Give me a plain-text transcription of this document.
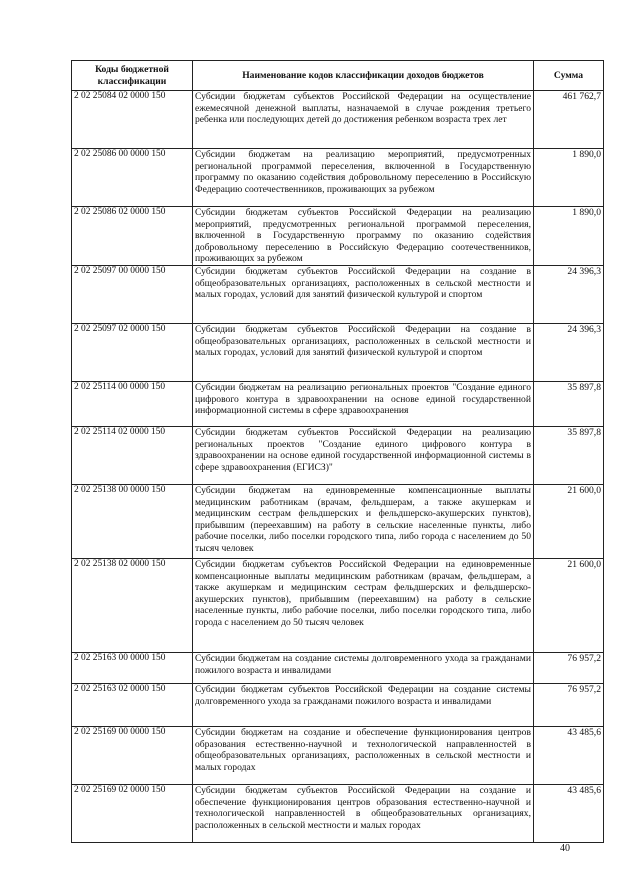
Коды бюджетной классификации	Наименование кодов классификации доходов бюджетов	Сумма
2 02 25084 02 0000 150	Субсидии бюджетам субъектов Российской Федерации на осуществление ежемесячной денежной выплаты, назначаемой в случае рождения третьего ребенка или последующих детей до достижения ребенком возраста трех лет	461 762,7
2 02 25086 00 0000 150	Субсидии бюджетам на реализацию мероприятий, предусмотренных региональной программой переселения, включенной в Государственную программу по оказанию содействия добровольному переселению в Российскую Федерацию соотечественников, проживающих за рубежом	1 890,0
2 02 25086 02 0000 150	Субсидии бюджетам субъектов Российской Федерации на реализацию мероприятий, предусмотренных региональной программой переселения, включенной в Государственную программу по оказанию содействия добровольному переселению в Российскую Федерацию соотечественников, проживающих за рубежом	1 890,0
2 02 25097 00 0000 150	Субсидии бюджетам субъектов Российской Федерации на создание в общеобразовательных организациях, расположенных в сельской местности и малых городах, условий для занятий физической культурой и спортом	24 396,3
2 02 25097 02 0000 150	Субсидии бюджетам субъектов Российской Федерации на создание в общеобразовательных организациях, расположенных в сельской местности и малых городах, условий для занятий физической культурой и спортом	24 396,3
2 02 25114 00 0000 150	Субсидии бюджетам на реализацию региональных проектов "Создание единого цифрового контура в здравоохранении на основе единой государственной информационной системы в сфере здравоохранения	35 897,8
2 02 25114 02 0000 150	Субсидии бюджетам субъектов Российской Федерации на реализацию региональных проектов "Создание единого цифрового контура в здравоохранении на основе единой государственной информационной системы в сфере здравоохранения (ЕГИСЗ)"	35 897,8
2 02 25138 00 0000 150	Субсидии бюджетам на единовременные компенсационные выплаты медицинским работникам (врачам, фельдшерам, а также акушеркам и медицинским сестрам фельдшерских и фельдшерско-акушерских пунктов), прибывшим (переехавшим) на работу в сельские населенные пункты, либо рабочие поселки, либо поселки городского типа, либо города с населением до 50 тысяч человек	21 600,0
2 02 25138 02 0000 150	Субсидии бюджетам субъектов Российской Федерации на единовременные компенсационные выплаты медицинским работникам (врачам, фельдшерам, а также акушеркам и медицинским сестрам фельдшерских и фельдшерско-акушерских пунктов), прибывшим (переехавшим) на работу в сельские населенные пункты, либо рабочие поселки, либо поселки городского типа, либо города с населением до 50 тысяч человек	21 600,0
2 02 25163 00 0000 150	Субсидии бюджетам на создание системы долговременного ухода за гражданами пожилого возраста и инвалидами	76 957,2
2 02 25163 02 0000 150	Субсидии бюджетам субъектов Российской Федерации на создание системы долговременного ухода за гражданами пожилого возраста и инвалидами	76 957,2
2 02 25169 00 0000 150	Субсидии бюджетам на создание и обеспечение функционирования центров образования естественно-научной и технологической направленностей в общеобразовательных организациях, расположенных в сельской местности и малых городах	43 485,6
2 02 25169 02 0000 150	Субсидии бюджетам субъектов Российской Федерации на создание и обеспечение функционирования центров образования естественно-научной и технологической направленностей в общеобразовательных организациях, расположенных в сельской местности и малых городах	43 485,6
40
